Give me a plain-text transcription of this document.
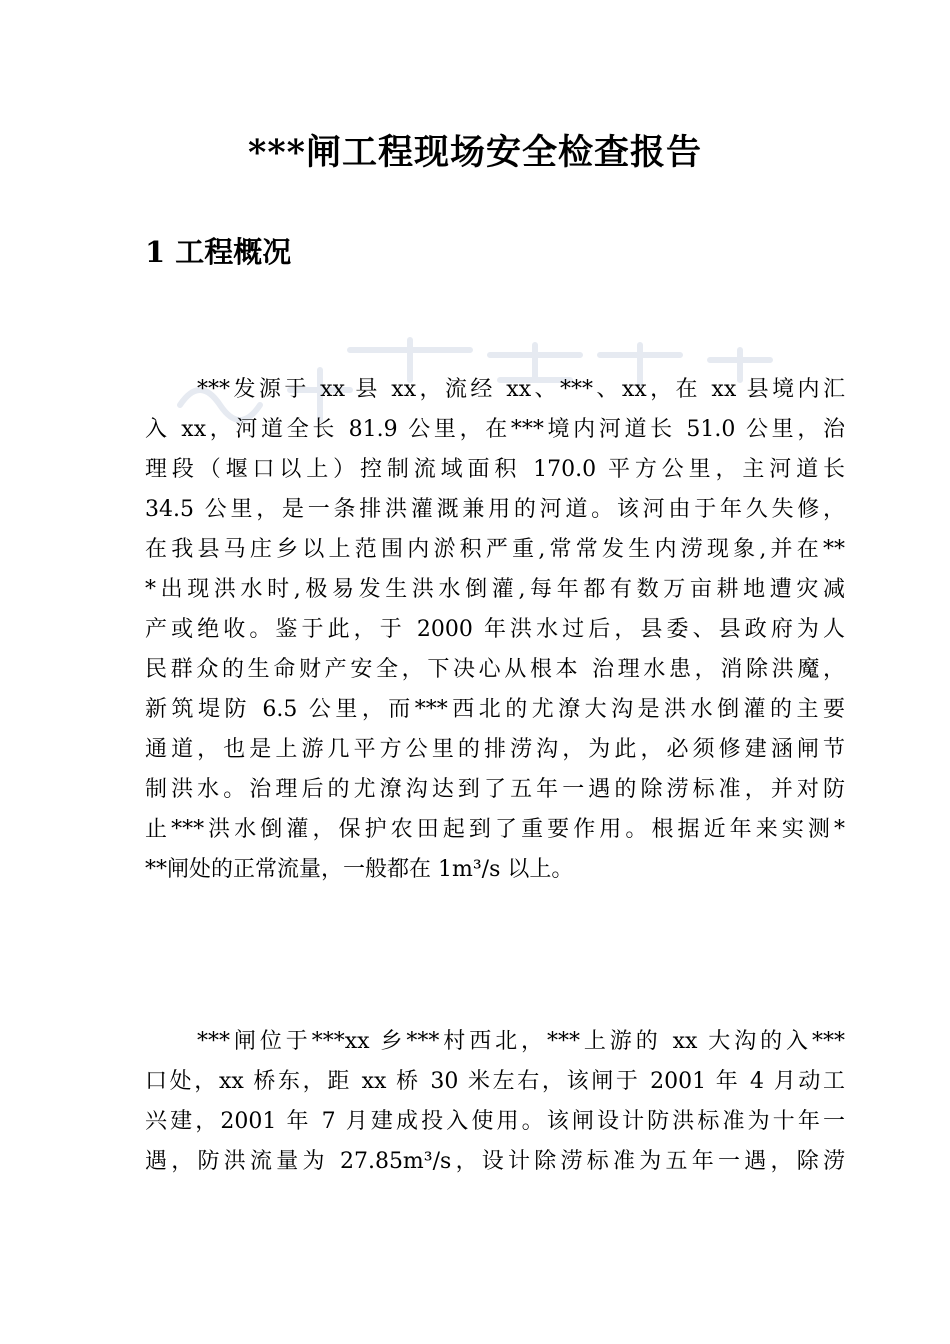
***闸工程现场安全检查报告
1 工程概况
***发源于 xx 县 xx，流经 xx、***、xx，在 xx 县境内汇
入 xx，河道全长 81.9 公里，在***境内河道长 51.0 公里，治
理段（堰口以上）控制流域面积 170.0 平方公里，主河道长
34.5 公里，是一条排洪灌溉兼用的河道。该河由于年久失修，
在我县马庄乡以上范围内淤积严重,常常发生内涝现象,并在**
*出现洪水时,极易发生洪水倒灌,每年都有数万亩耕地遭灾减
产或绝收。鉴于此，于 2000 年洪水过后，县委、县政府为人
民群众的生命财产安全，下决心从根本 治理水患，消除洪魔，
新筑堤防 6.5 公里，而***西北的尤潦大沟是洪水倒灌的主要
通道，也是上游几平方公里的排涝沟，为此，必须修建涵闸节
制洪水。治理后的尤潦沟达到了五年一遇的除涝标准，并对防
止***洪水倒灌，保护农田起到了重要作用。根据近年来实测*
**闸处的正常流量，一般都在 1m³/s 以上。
***闸位于***xx 乡***村西北，***上游的 xx 大沟的入***
口处，xx 桥东，距 xx 桥 30 米左右，该闸于 2001 年 4 月动工
兴建，2001 年 7 月建成投入使用。该闸设计防洪标准为十年一
遇，防洪流量为 27.85m³/s，设计除涝标准为五年一遇，除涝
